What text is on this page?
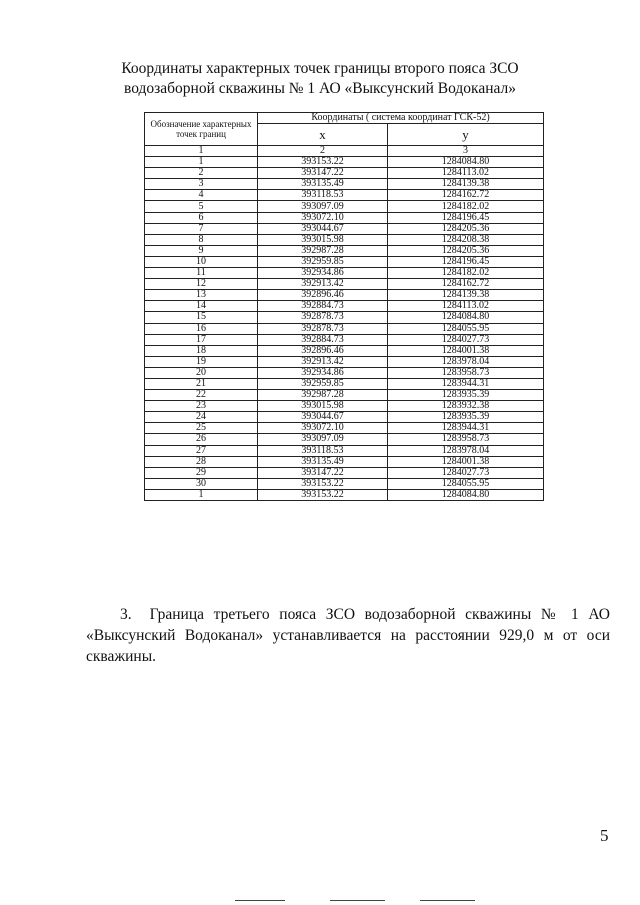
Координаты характерных точек границы второго пояса ЗСО
водозаборной скважины № 1 АО «Выксунский Водоканал»
Обозначение характерных точек границ	Координаты ( система координат ГСК-52)	
	x	y
1	2	3
1	393153.22	1284084.80
2	393147.22	1284113.02
3	393135.49	1284139.38
4	393118.53	1284162.72
5	393097.09	1284182.02
6	393072.10	1284196.45
7	393044.67	1284205.36
8	393015.98	1284208.38
9	392987.28	1284205.36
10	392959.85	1284196.45
11	392934.86	1284182.02
12	392913.42	1284162.72
13	392896.46	1284139.38
14	392884.73	1284113.02
15	392878.73	1284084.80
16	392878.73	1284055.95
17	392884.73	1284027.73
18	392896.46	1284001.38
19	392913.42	1283978.04
20	392934.86	1283958.73
21	392959.85	1283944.31
22	392987.28	1283935.39
23	393015.98	1283932.38
24	393044.67	1283935.39
25	393072.10	1283944.31
26	393097.09	1283958.73
27	393118.53	1283978.04
28	393135.49	1284001.38
29	393147.22	1284027.73
30	393153.22	1284055.95
1	393153.22	1284084.80
3. Граница третьего пояса ЗСО водозаборной скважины № 1 АО «Выксунский Водоканал» устанавливается на расстоянии 929,0 м от оси скважины.
5
